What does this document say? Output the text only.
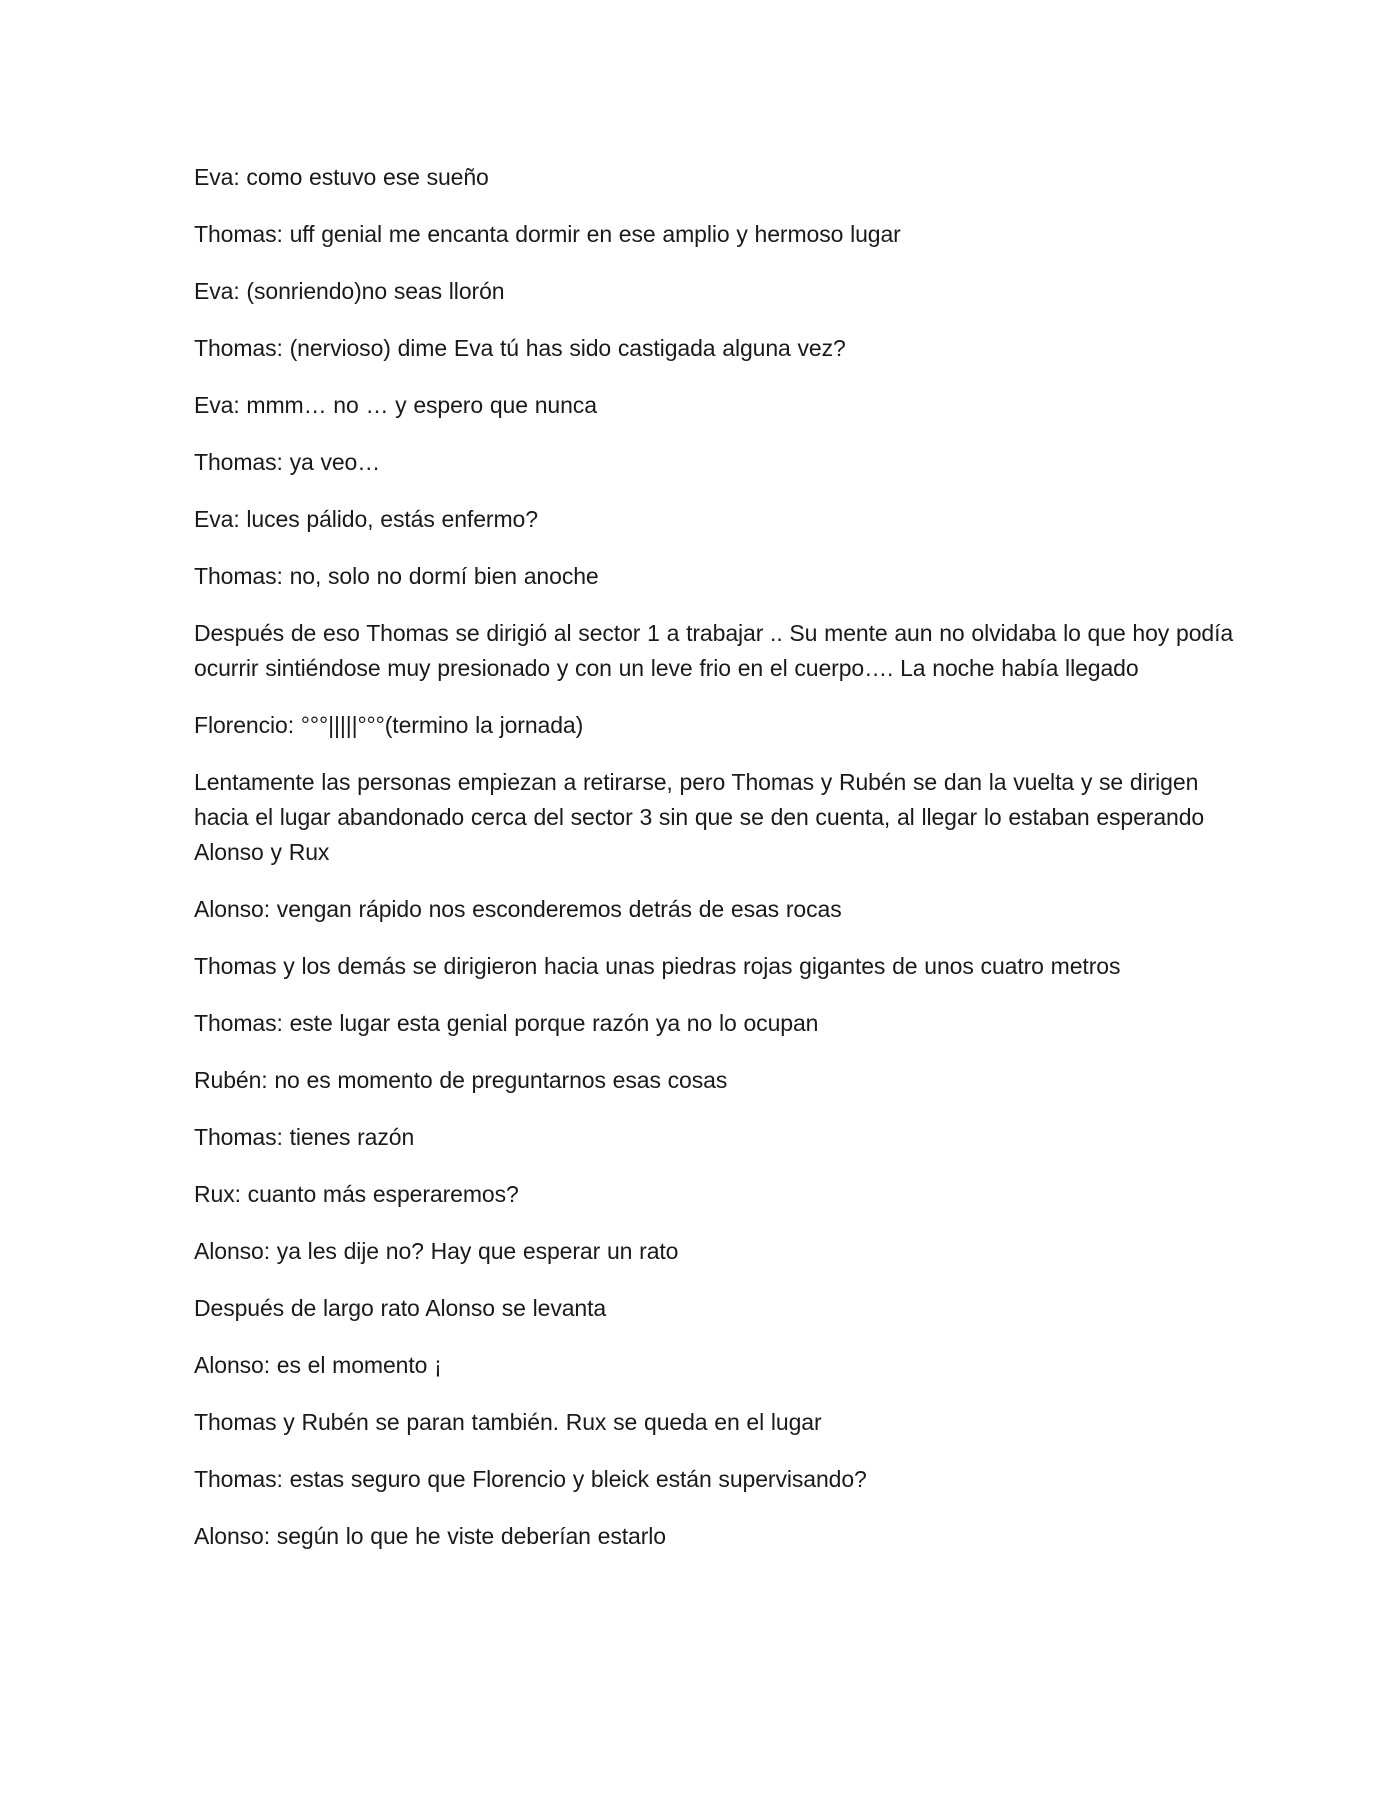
Eva: como estuvo ese sueño

Thomas: uff genial me encanta dormir en ese amplio y hermoso lugar

Eva: (sonriendo)no seas llorón

Thomas: (nervioso) dime Eva tú has sido castigada alguna vez?

Eva: mmm… no … y espero que nunca

Thomas: ya veo…

Eva: luces pálido, estás enfermo?

Thomas: no, solo no dormí bien anoche

Después de eso Thomas se dirigió al sector 1 a trabajar .. Su mente aun no olvidaba lo que hoy podía ocurrir sintiéndose muy presionado y con un leve frio en el cuerpo…. La noche había llegado

Florencio: °°°|||||°°°(termino la jornada)

Lentamente las personas empiezan a retirarse, pero Thomas y Rubén se dan la vuelta y se dirigen hacia el lugar abandonado cerca del sector 3 sin que se den cuenta, al llegar lo estaban esperando Alonso y Rux

Alonso: vengan rápido nos esconderemos detrás de esas rocas

Thomas y los demás se dirigieron hacia unas piedras rojas gigantes de unos cuatro metros

Thomas: este lugar esta genial porque razón ya no lo ocupan

Rubén: no es momento de preguntarnos esas cosas

Thomas: tienes razón

Rux: cuanto más esperaremos?

Alonso: ya les dije no? Hay que esperar un rato

Después de largo rato Alonso se levanta

Alonso: es el momento ¡

Thomas y Rubén se paran también. Rux se queda en el lugar

Thomas: estas seguro que Florencio y bleick están supervisando?

Alonso: según lo que he viste deberían estarlo
